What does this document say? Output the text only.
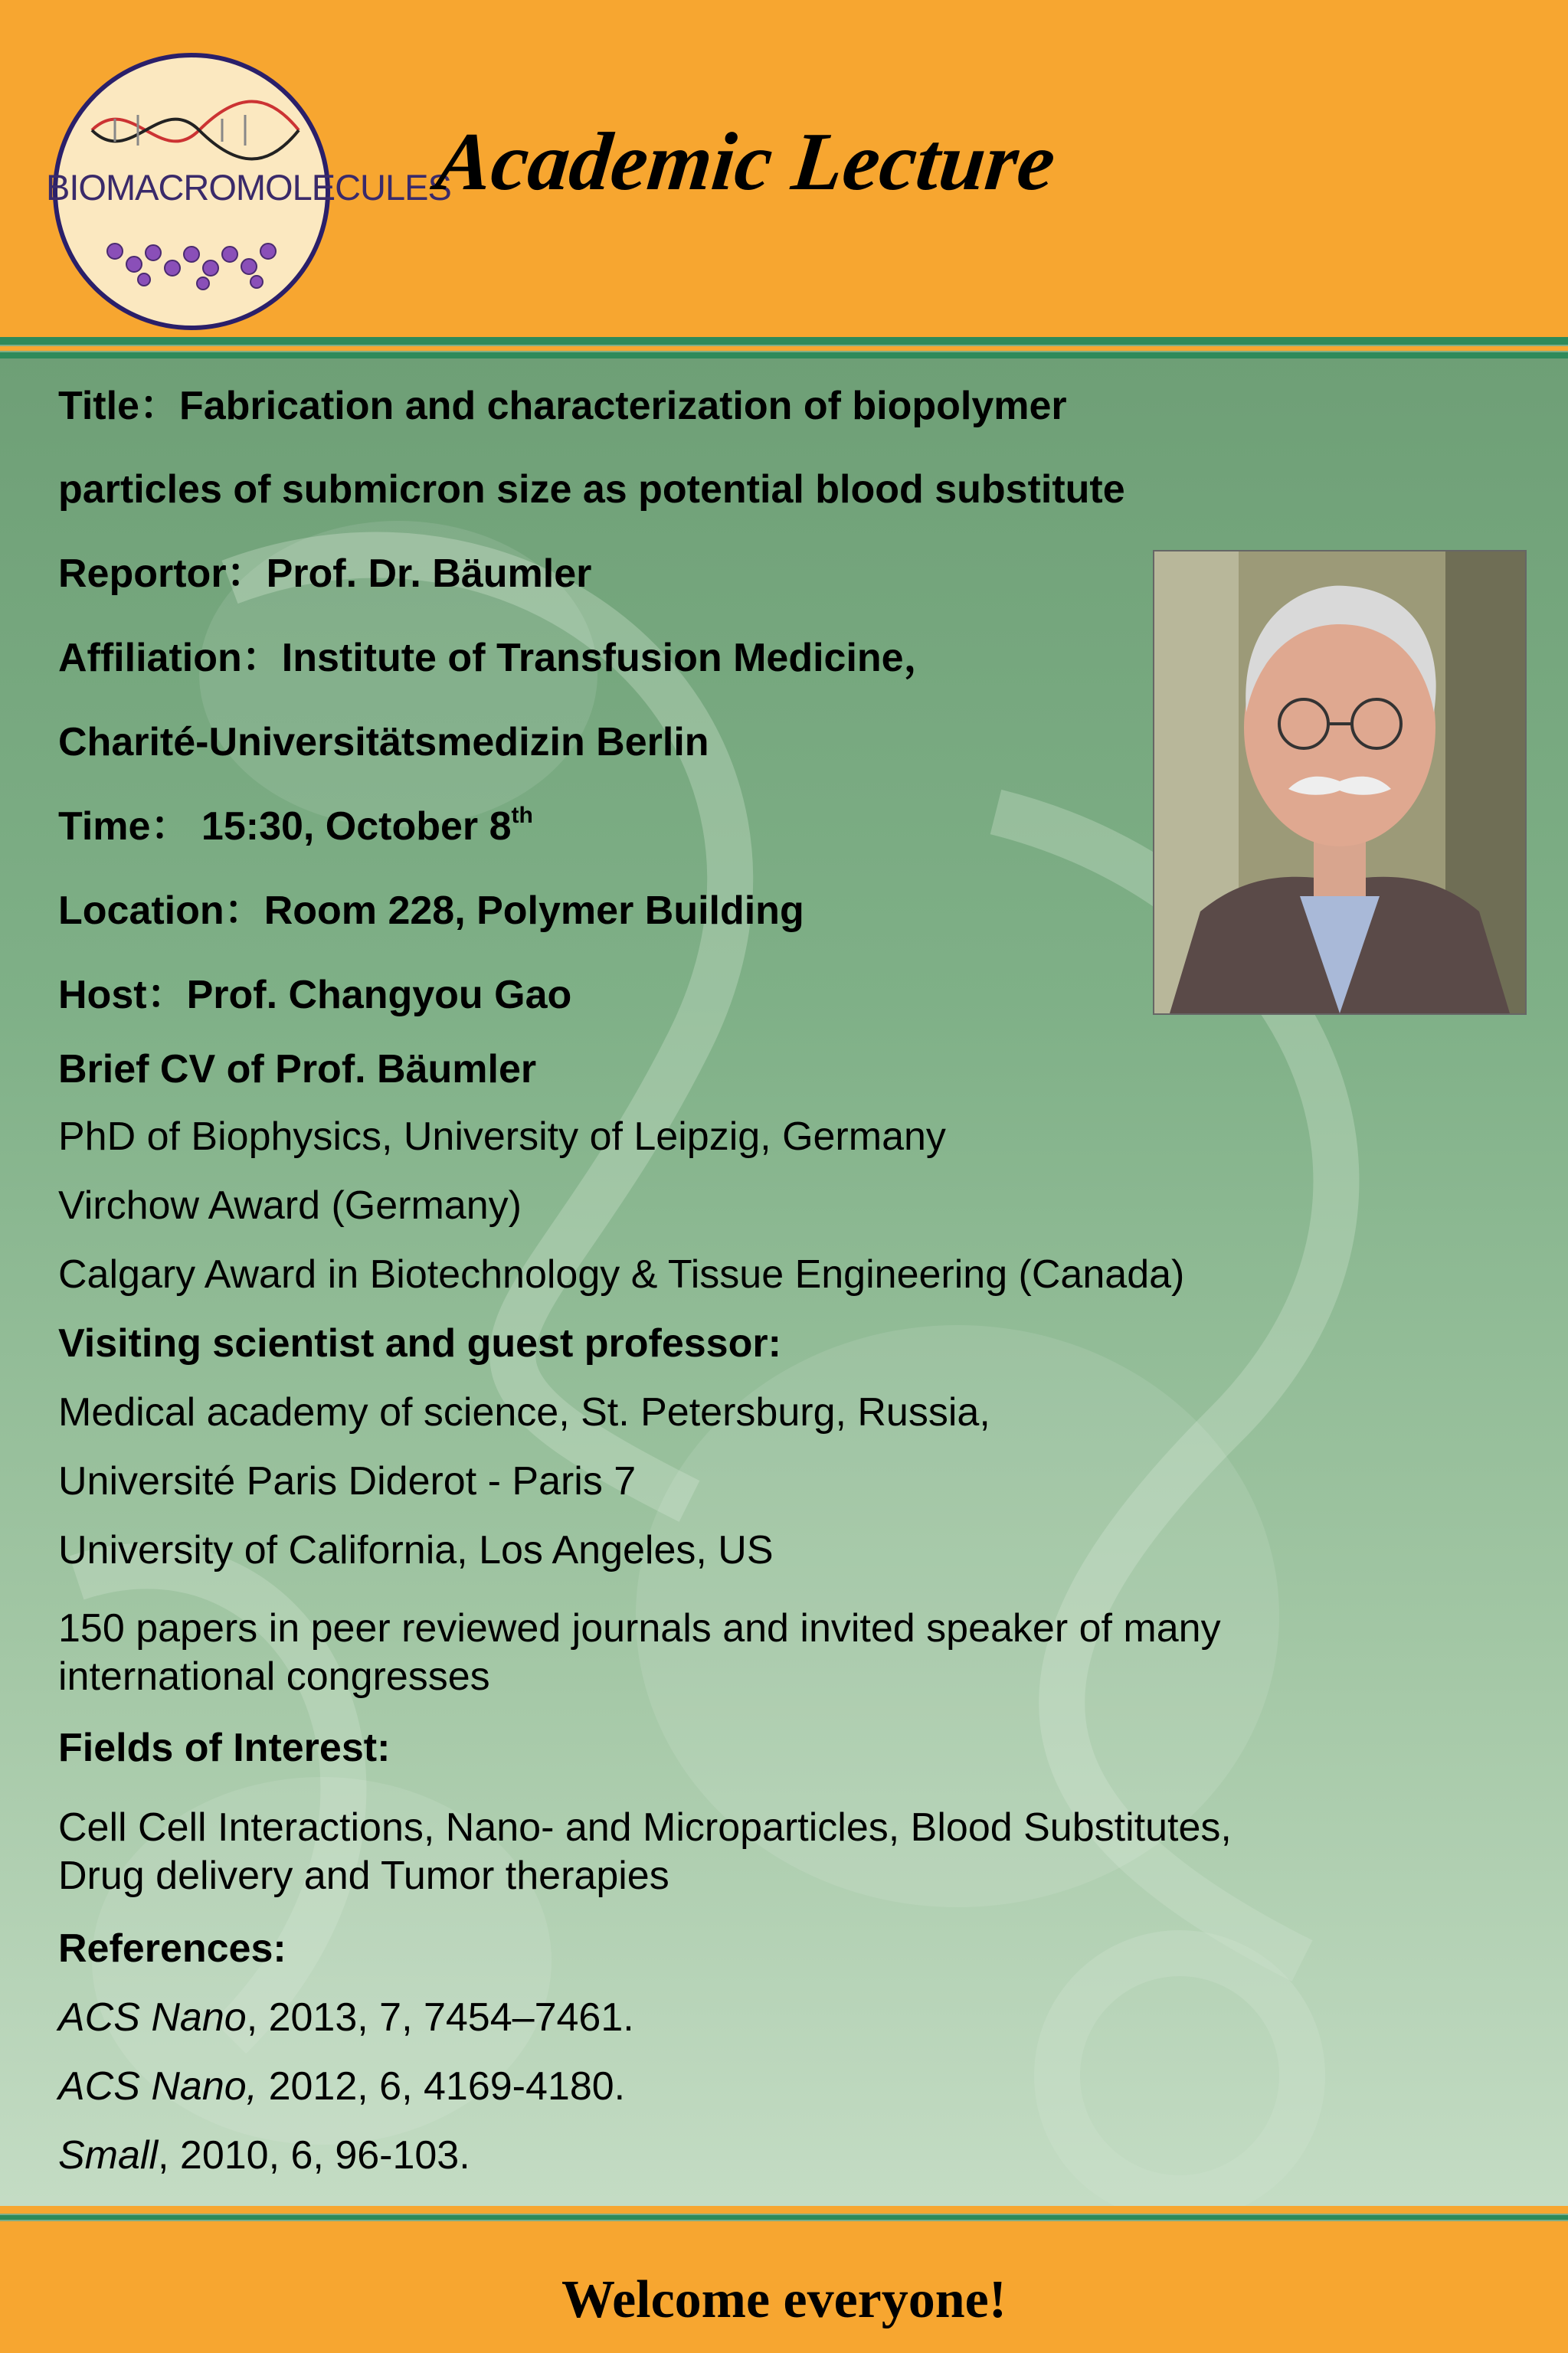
BIOMACROMOLECULES
Academic Lecture
Title：Fabrication and characterization of biopolymer
particles of submicron size as potential blood substitute
Reportor：Prof. Dr. Bäumler
Affiliation：Institute of Transfusion Medicine，
Charité-Universitätsmedizin Berlin
Time： 15:30, October 8th
Location：Room 228, Polymer Building
Host：Prof. Changyou Gao
Brief CV of Prof. Bäumler
PhD of Biophysics, University of Leipzig, Germany
Virchow Award (Germany)
Calgary Award in Biotechnology & Tissue Engineering (Canada)
Visiting scientist and guest professor:
Medical academy of science, St. Petersburg, Russia,
Université Paris Diderot - Paris 7
University of California, Los Angeles, US
150 papers in peer reviewed journals and invited speaker of many
international congresses
Fields of Interest:
Cell Cell Interactions, Nano- and Microparticles, Blood Substitutes,
Drug delivery and Tumor therapies
References:
ACS Nano, 2013, 7, 7454–7461.
ACS Nano, 2012, 6, 4169-4180.
Small, 2010, 6, 96-103.
Welcome everyone!
